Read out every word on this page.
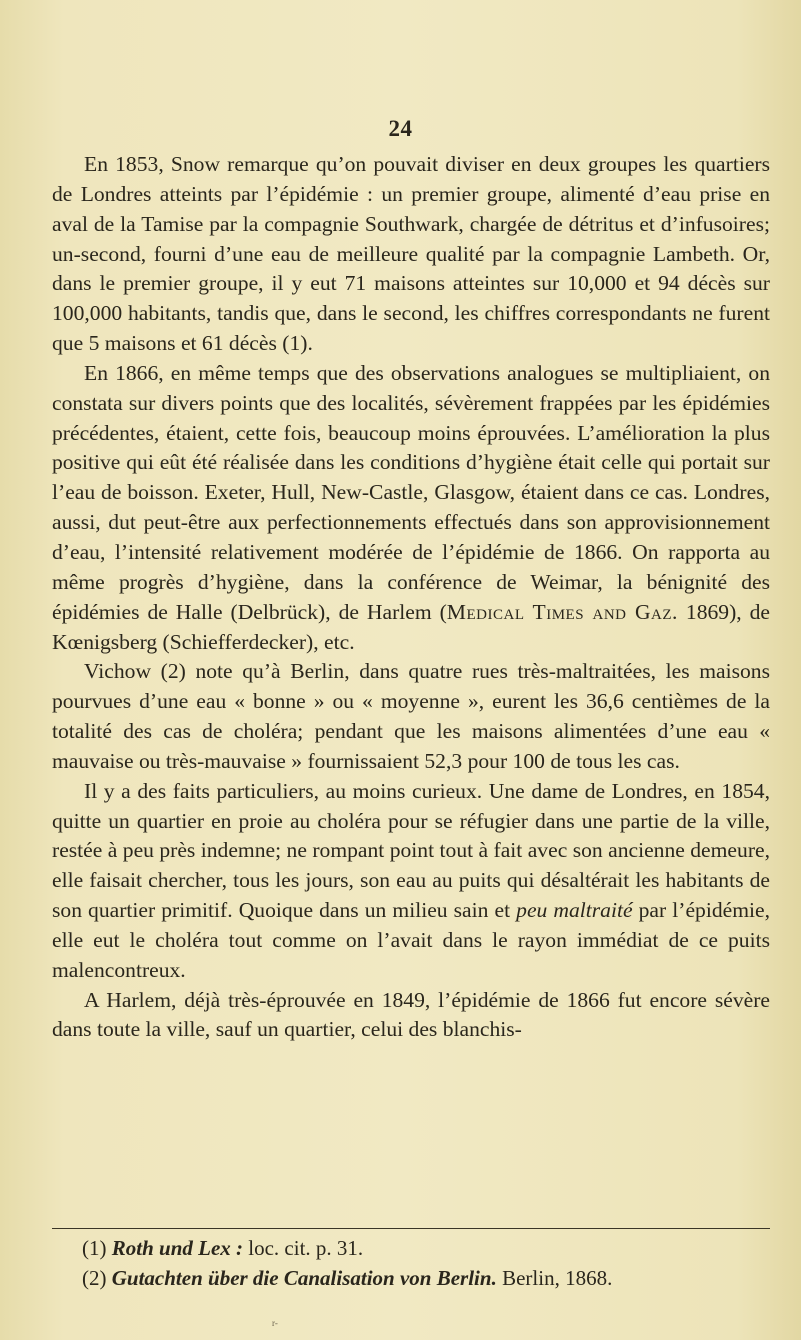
24

En 1853, Snow remarque qu’on pouvait diviser en deux groupes les quartiers de Londres atteints par l’épidémie : un premier groupe, alimenté d’eau prise en aval de la Tamise par la compagnie Southwark, chargée de détritus et d’infusoires; un-second, fourni d’une eau de meilleure qualité par la compagnie Lambeth. Or, dans le premier groupe, il y eut 71 maisons atteintes sur 10,000 et 94 décès sur 100,000 habitants, tandis que, dans le second, les chiffres correspondants ne furent que 5 maisons et 61 décès (1).

En 1866, en même temps que des observations analogues se multipliaient, on constata sur divers points que des localités, sévèrement frappées par les épidémies précédentes, étaient, cette fois, beaucoup moins éprouvées. L’amélioration la plus positive qui eût été réalisée dans les conditions d’hygiène était celle qui portait sur l’eau de boisson. Exeter, Hull, New-Castle, Glasgow, étaient dans ce cas. Londres, aussi, dut peut-être aux perfectionnements effectués dans son approvisionnement d’eau, l’intensité relativement modérée de l’épidémie de 1866. On rapporta au même progrès d’hygiène, dans la conférence de Weimar, la bénignité des épidémies de Halle (Delbrück), de Harlem (Medical Times and Gaz. 1869), de Kœnigsberg (Schiefferdecker), etc.

Vichow (2) note qu’à Berlin, dans quatre rues très-maltraitées, les maisons pourvues d’une eau « bonne » ou « moyenne », eurent les 36,6 centièmes de la totalité des cas de choléra; pendant que les maisons alimentées d’une eau « mauvaise ou très-mauvaise » fournissaient 52,3 pour 100 de tous les cas.

Il y a des faits particuliers, au moins curieux. Une dame de Londres, en 1854, quitte un quartier en proie au choléra pour se réfugier dans une partie de la ville, restée à peu près indemne; ne rompant point tout à fait avec son ancienne demeure, elle faisait chercher, tous les jours, son eau au puits qui désaltérait les habitants de son quartier primitif. Quoique dans un milieu sain et peu maltraité par l’épidémie, elle eut le choléra tout comme on l’avait dans le rayon immédiat de ce puits malencontreux.

A Harlem, déjà très-éprouvée en 1849, l’épidémie de 1866 fut encore sévère dans toute la ville, sauf un quartier, celui des blanchis-

(1) Roth und Lex : loc. cit. p. 31.

(2) Gutachten über die Canalisation von Berlin. Berlin, 1868.

r-
